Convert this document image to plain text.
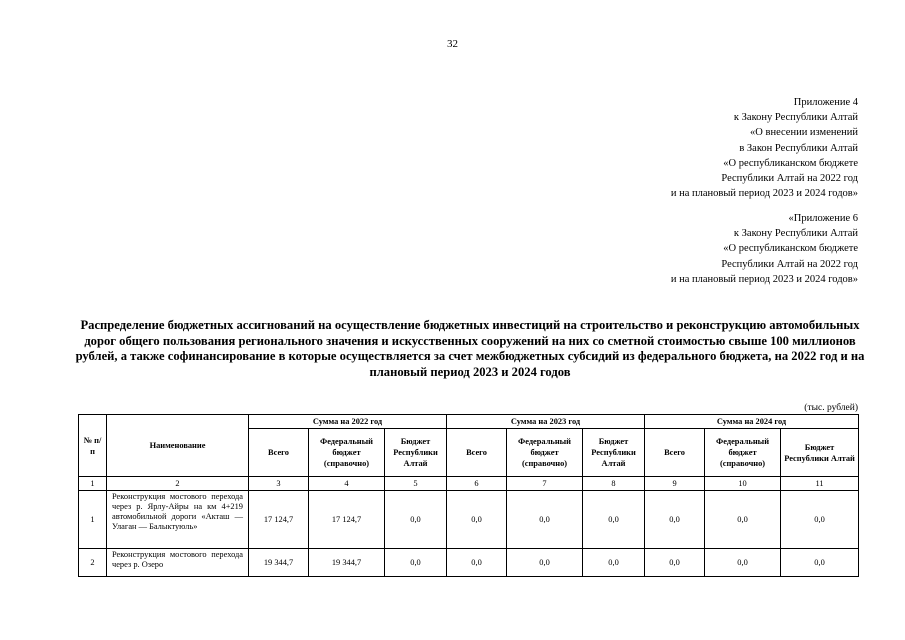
32
Приложение 4
к Закону Республики Алтай
«О внесении изменений
в Закон Республики Алтай
«О республиканском бюджете
Республики Алтай на 2022 год
и на плановый период 2023 и 2024 годов»
«Приложение 6
к Закону Республики Алтай
«О республиканском бюджете
Республики Алтай на 2022 год
и на плановый период 2023 и 2024 годов»
Распределение бюджетных ассигнований на осуществление бюджетных инвестиций на строительство и реконструкцию автомобильных дорог общего пользования регионального значения и искусственных сооружений на них со сметной стоимостью свыше 100 миллионов рублей, а также софинансирование в которые осуществляется за счет межбюджетных субсидий из федерального бюджета, на 2022 год и на плановый период 2023 и 2024 годов
(тыс. рублей)
№ п/п	Наименование	Сумма на 2022 год			Сумма на 2023 год			Сумма на 2024 год		
		Всего	Федеральный бюджет (справочно)	Бюджет Республики Алтай	Всего	Федеральный бюджет (справочно)	Бюджет Республики Алтай	Всего	Федеральный бюджет (справочно)	Бюджет Республики Алтай
1	2	3	4	5	6	7	8	9	10	11
1	Реконструкция мостового перехода через р. Ярлу-Айры на км 4+219 автомобильной дороги «Акташ — Улаган — Балыктуюль»	17 124,7	17 124,7	0,0	0,0	0,0	0,0	0,0	0,0	0,0
2	Реконструкция мостового перехода через р. Озеро	19 344,7	19 344,7	0,0	0,0	0,0	0,0	0,0	0,0	0,0
